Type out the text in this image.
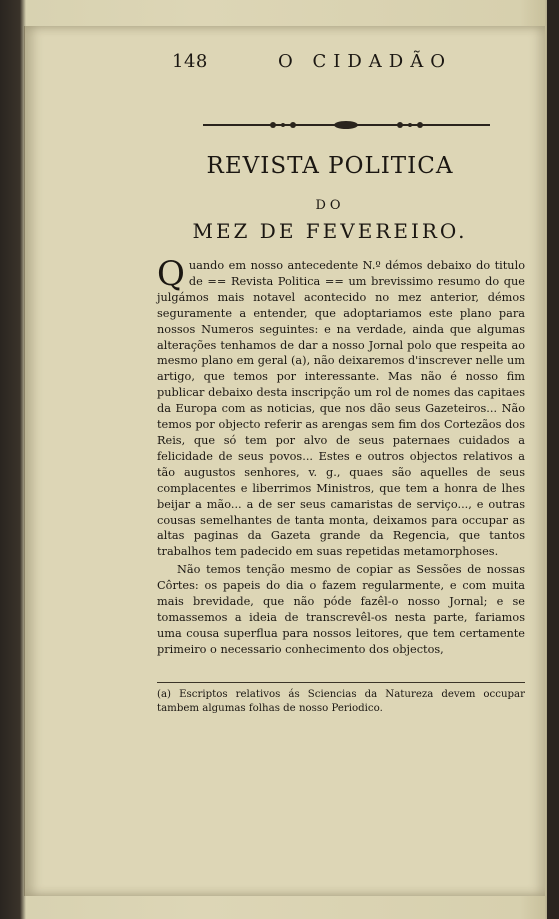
148	O CIDADÃO
REVISTA POLITICA
DO
MEZ DE FEVEREIRO.

Quando em nosso antecedente N.º démos debaixo do titulo de == Revista Politica == um brevissimo resumo do que julgámos mais notavel acontecido no mez anterior, démos seguramente a entender, que adoptariamos este plano para nossos Numeros seguintes: e na verdade, ainda que algumas alterações tenhamos de dar a nosso Jornal polo que respeita ao mesmo plano em geral (a), não deixaremos d'inscrever nelle um artigo, que temos por interessante. Mas não é nosso fim publicar debaixo desta inscripção um rol de nomes das capitaes da Europa com as noticias, que nos dão seus Gazeteiros... Não temos por objecto referir as arengas sem fim dos Cortezãos dos Reis, que só tem por alvo de seus paternaes cuidados a felicidade de seus povos... Estes e outros objectos relativos a tão augustos senhores, v. g., quaes são aquelles de seus complacentes e liberrimos Ministros, que tem a honra de lhes beijar a mão... a de ser seus camaristas de serviço..., e outras cousas semelhantes de tanta monta, deixamos para occupar as altas paginas da Gazeta grande da Regencia, que tantos trabalhos tem padecido em suas repetidas metamorphoses.

Não temos tenção mesmo de copiar as Sessões de nossas Côrtes: os papeis do dia o fazem regularmente, e com muita mais brevidade, que não póde fazêl-o nosso Jornal; e se tomassemos a ideia de transcrevêl-os nesta parte, fariamos uma cousa superflua para nossos leitores, que tem certamente primeiro o necessario conhecimento dos objectos,

(a) Escriptos relativos ás Sciencias da Natureza devem occupar tambem algumas folhas de nosso Periodico.
